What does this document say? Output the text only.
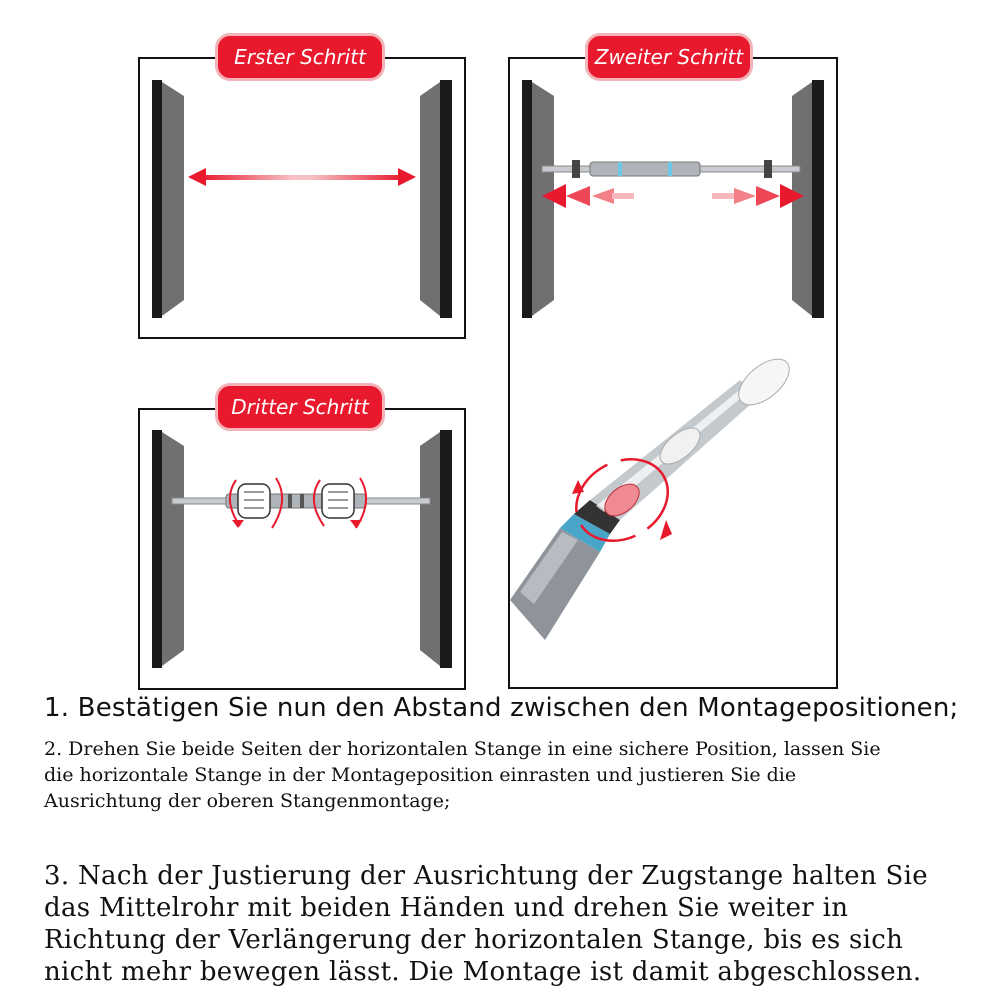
Erster Schritt	Zweiter Schritt
Dritter Schritt
1. Bestätigen Sie nun den Abstand zwischen den Montagepositionen;
2. Drehen Sie beide Seiten der horizontalen Stange in eine sichere Position, lassen Sie
die horizontale Stange in der Montageposition einrasten und justieren Sie die
Ausrichtung der oberen Stangenmontage;
3. Nach der Justierung der Ausrichtung der Zugstange halten Sie
das Mittelrohr mit beiden Händen und drehen Sie weiter in
Richtung der Verlängerung der horizontalen Stange, bis es sich
nicht mehr bewegen lässt. Die Montage ist damit abgeschlossen.
